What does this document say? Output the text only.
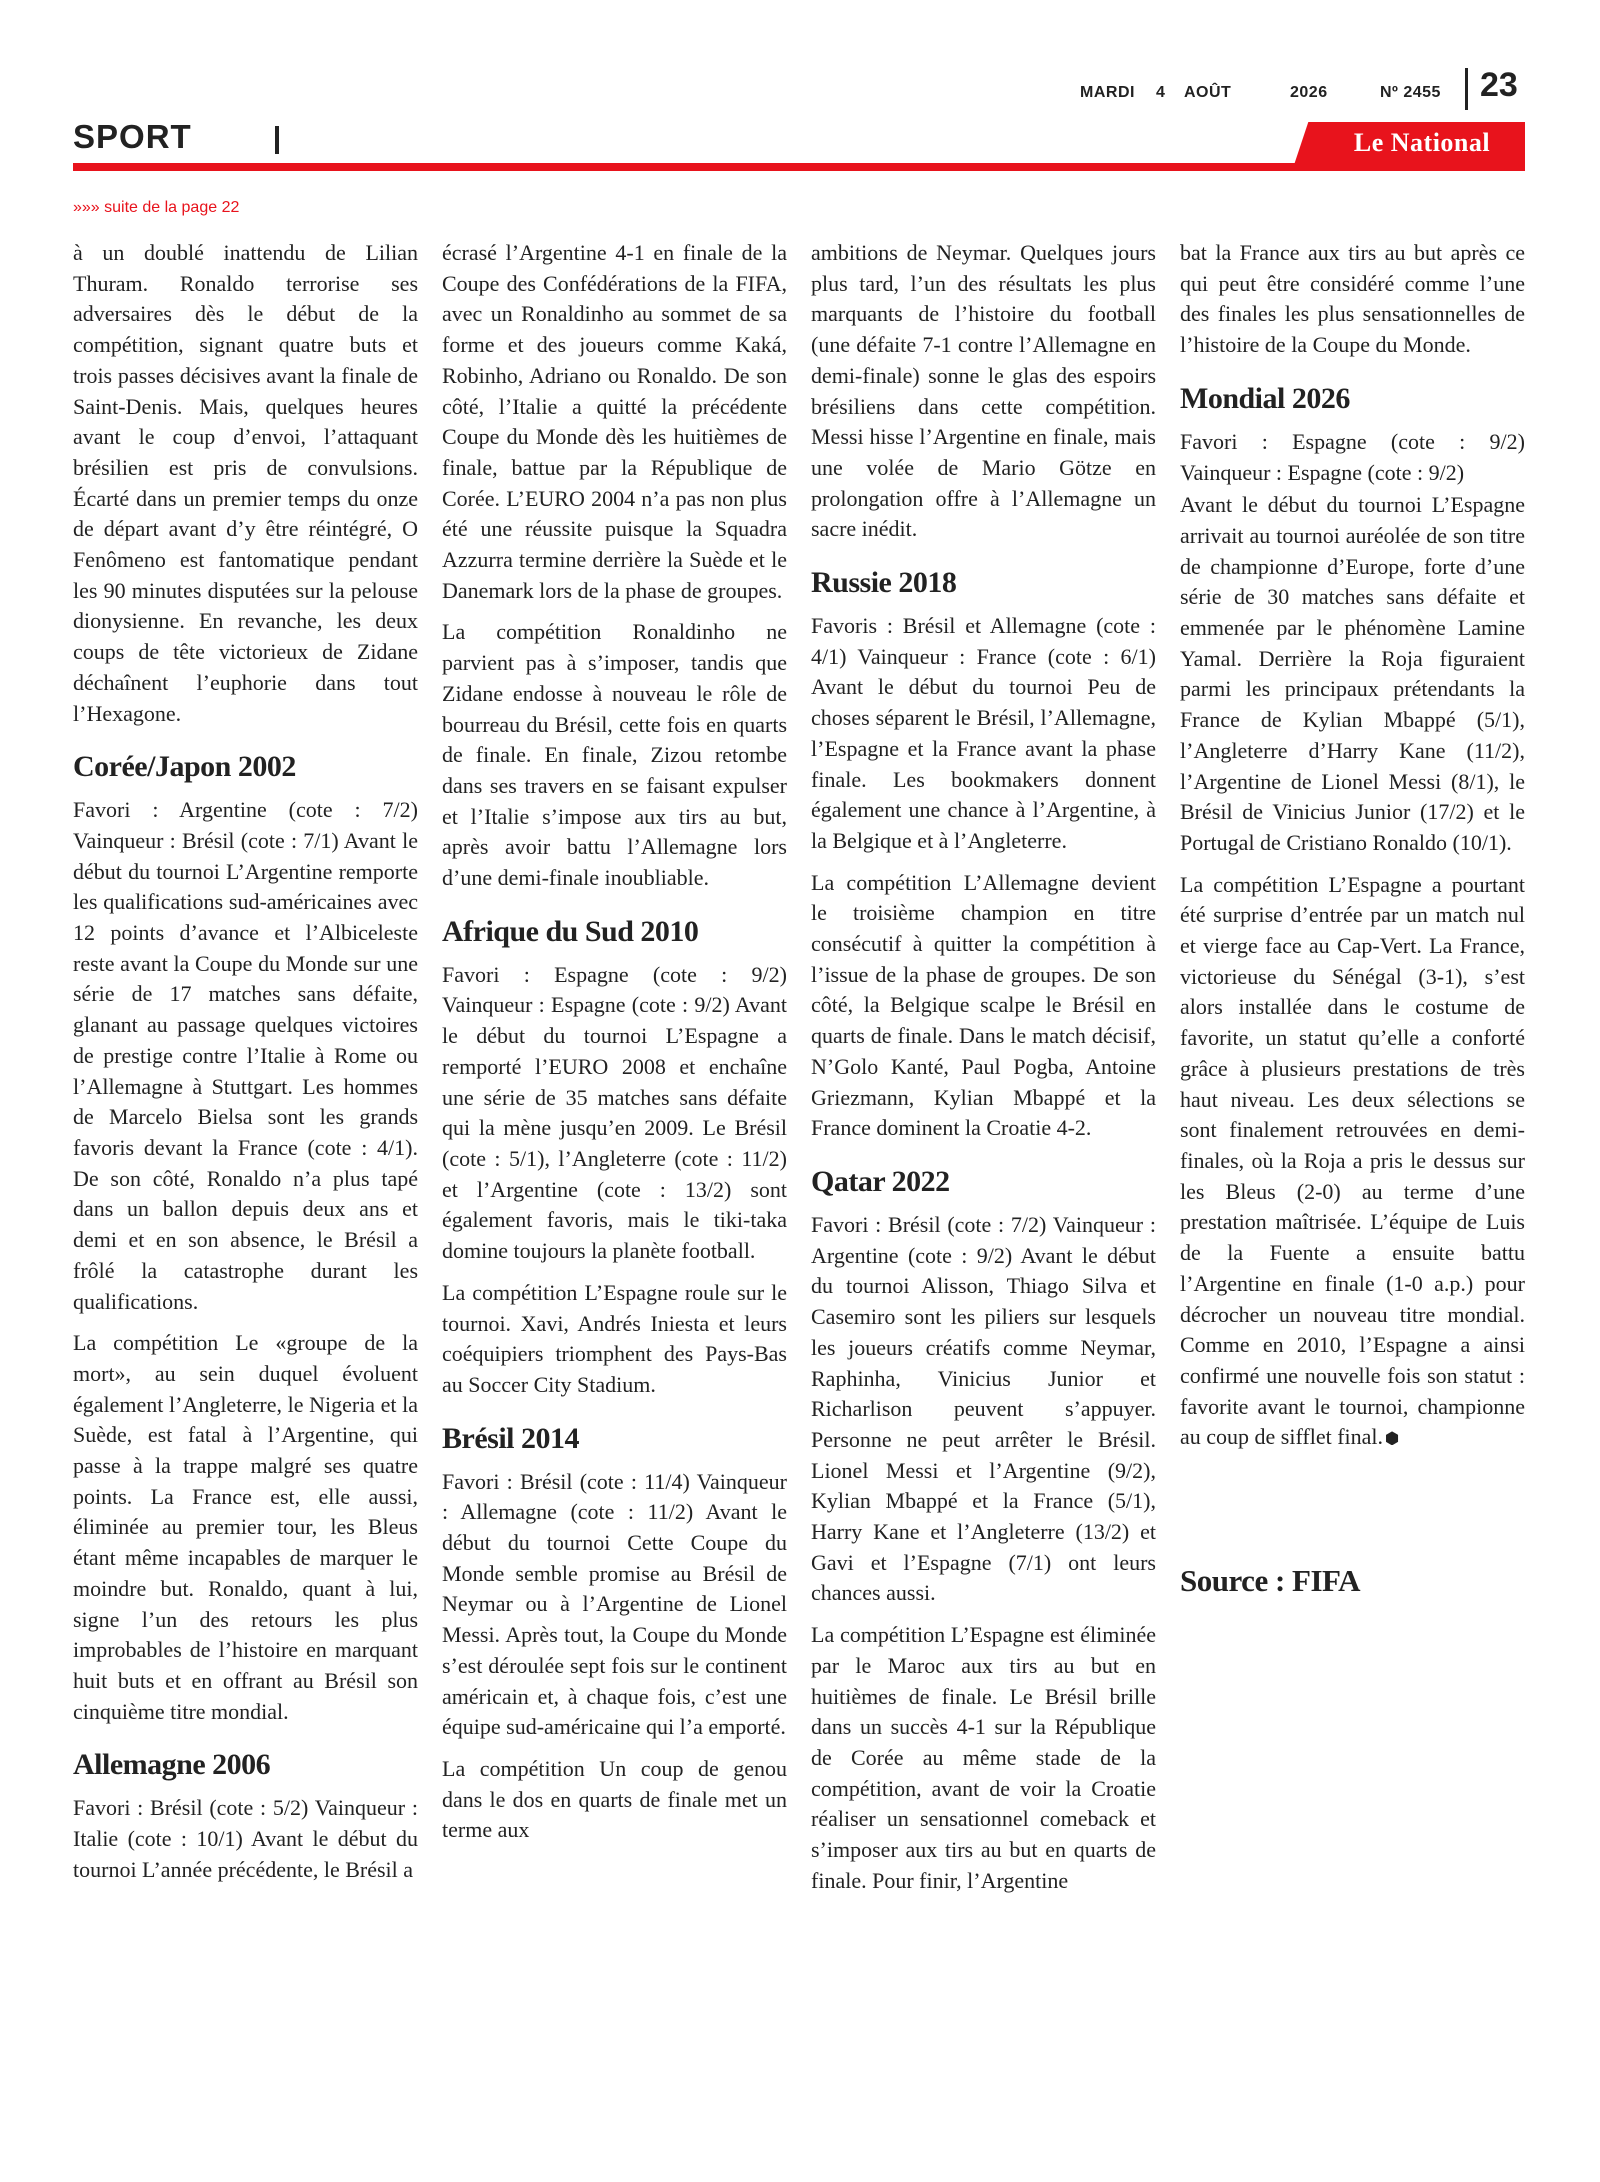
MARDI 4 AOÛT	2026	Nº 2455 23
SPORT	Le National
»»» suite de la page 22

à un doublé inattendu de Lilian Thuram. Ronaldo terrorise ses adversaires dès le début de la compétition, signant quatre buts et trois passes décisives avant la finale de Saint-Denis. Mais, quelques heures avant le coup d’envoi, l’attaquant brésilien est pris de convulsions. Écarté dans un premier temps du onze de départ avant d’y être réintégré, O Fenômeno est fantomatique pendant les 90 minutes disputées sur la pelouse dionysienne. En revanche, les deux coups de tête victorieux de Zidane déchaînent l’euphorie dans tout l’Hexagone.

Corée/Japon 2002

Favori : Argentine (cote : 7/2) Vainqueur : Brésil (cote : 7/1) Avant le début du tournoi L’Argentine remporte les qualifications sud-américaines avec 12 points d’avance et l’Albiceleste reste avant la Coupe du Monde sur une série de 17 matches sans défaite, glanant au passage quelques victoires de prestige contre l’Italie à Rome ou l’Allemagne à Stuttgart. Les hommes de Marcelo Bielsa sont les grands favoris devant la France (cote : 4/1). De son côté, Ronaldo n’a plus tapé dans un ballon depuis deux ans et demi et en son absence, le Brésil a frôlé la catastrophe durant les qualifications.

La compétition Le «groupe de la mort», au sein duquel évoluent également l’Angleterre, le Nigeria et la Suède, est fatal à l’Argentine, qui passe à la trappe malgré ses quatre points. La France est, elle aussi, éliminée au premier tour, les Bleus étant même incapables de marquer le moindre but. Ronaldo, quant à lui, signe l’un des retours les plus improbables de l’histoire en marquant huit buts et en offrant au Brésil son cinquième titre mondial.

Allemagne 2006

Favori : Brésil (cote : 5/2) Vainqueur : Italie (cote : 10/1) Avant le début du tournoi L’année précédente, le Brésil a

écrasé l’Argentine 4-1 en finale de la Coupe des Confédérations de la FIFA, avec un Ronaldinho au sommet de sa forme et des joueurs comme Kaká, Robinho, Adriano ou Ronaldo. De son côté, l’Italie a quitté la précédente Coupe du Monde dès les huitièmes de finale, battue par la République de Corée. L’EURO 2004 n’a pas non plus été une réussite puisque la Squadra Azzurra termine derrière la Suède et le Danemark lors de la phase de groupes.

La compétition Ronaldinho ne parvient pas à s’imposer, tandis que Zidane endosse à nouveau le rôle de bourreau du Brésil, cette fois en quarts de finale. En finale, Zizou retombe dans ses travers en se faisant expulser et l’Italie s’impose aux tirs au but, après avoir battu l’Allemagne lors d’une demi-finale inoubliable.

Afrique du Sud 2010

Favori : Espagne (cote : 9/2) Vainqueur : Espagne (cote : 9/2) Avant le début du tournoi L’Espagne a remporté l’EURO 2008 et enchaîne une série de 35 matches sans défaite qui la mène jusqu’en 2009. Le Brésil (cote : 5/1), l’Angleterre (cote : 11/2) et l’Argentine (cote : 13/2) sont également favoris, mais le tiki-taka domine toujours la planète football.

La compétition L’Espagne roule sur le tournoi. Xavi, Andrés Iniesta et leurs coéquipiers triomphent des Pays-Bas au Soccer City Stadium.

Brésil 2014

Favori : Brésil (cote : 11/4) Vainqueur : Allemagne (cote : 11/2) Avant le début du tournoi Cette Coupe du Monde semble promise au Brésil de Neymar ou à l’Argentine de Lionel Messi. Après tout, la Coupe du Monde s’est déroulée sept fois sur le continent américain et, à chaque fois, c’est une équipe sud-américaine qui l’a emporté.

La compétition Un coup de genou dans le dos en quarts de finale met un terme aux

ambitions de Neymar. Quelques jours plus tard, l’un des résultats les plus marquants de l’histoire du football (une défaite 7-1 contre l’Allemagne en demi-finale) sonne le glas des espoirs brésiliens dans cette compétition. Messi hisse l’Argentine en finale, mais une volée de Mario Götze en prolongation offre à l’Allemagne un sacre inédit.

Russie 2018

Favoris : Brésil et Allemagne (cote : 4/1) Vainqueur : France (cote : 6/1) Avant le début du tournoi Peu de choses séparent le Brésil, l’Allemagne, l’Espagne et la France avant la phase finale. Les bookmakers donnent également une chance à l’Argentine, à la Belgique et à l’Angleterre.

La compétition L’Allemagne devient le troisième champion en titre consécutif à quitter la compétition à l’issue de la phase de groupes. De son côté, la Belgique scalpe le Brésil en quarts de finale. Dans le match décisif, N’Golo Kanté, Paul Pogba, Antoine Griezmann, Kylian Mbappé et la France dominent la Croatie 4-2.

Qatar 2022

Favori : Brésil (cote : 7/2) Vainqueur : Argentine (cote : 9/2) Avant le début du tournoi Alisson, Thiago Silva et Casemiro sont les piliers sur lesquels les joueurs créatifs comme Neymar, Raphinha, Vinicius Junior et Richarlison peuvent s’appuyer. Personne ne peut arrêter le Brésil. Lionel Messi et l’Argentine (9/2), Kylian Mbappé et la France (5/1), Harry Kane et l’Angleterre (13/2) et Gavi et l’Espagne (7/1) ont leurs chances aussi.

La compétition L’Espagne est éliminée par le Maroc aux tirs au but en huitièmes de finale. Le Brésil brille dans un succès 4-1 sur la République de Corée au même stade de la compétition, avant de voir la Croatie réaliser un sensationnel comeback et s’imposer aux tirs au but en quarts de finale. Pour finir, l’Argentine

bat la France aux tirs au but après ce qui peut être considéré comme l’une des finales les plus sensationnelles de l’histoire de la Coupe du Monde.

Mondial 2026

Favori : Espagne (cote : 9/2) Vainqueur : Espagne (cote : 9/2)

Avant le début du tournoi L’Espagne arrivait au tournoi auréolée de son titre de championne d’Europe, forte d’une série de 30 matches sans défaite et emmenée par le phénomène Lamine Yamal. Derrière la Roja figuraient parmi les principaux prétendants la France de Kylian Mbappé (5/1), l’Angleterre d’Harry Kane (11/2), l’Argentine de Lionel Messi (8/1), le Brésil de Vinicius Junior (17/2) et le Portugal de Cristiano Ronaldo (10/1).

La compétition L’Espagne a pourtant été surprise d’entrée par un match nul et vierge face au Cap-Vert. La France, victorieuse du Sénégal (3-1), s’est alors installée dans le costume de favorite, un statut qu’elle a conforté grâce à plusieurs prestations de très haut niveau. Les deux sélections se sont finalement retrouvées en demi-finales, où la Roja a pris le dessus sur les Bleus (2-0) au terme d’une prestation maîtrisée. L’équipe de Luis de la Fuente a ensuite battu l’Argentine en finale (1-0 a.p.) pour décrocher un nouveau titre mondial. Comme en 2010, l’Espagne a ainsi confirmé une nouvelle fois son statut : favorite avant le tournoi, championne au coup de sifflet final.

Source : FIFA
